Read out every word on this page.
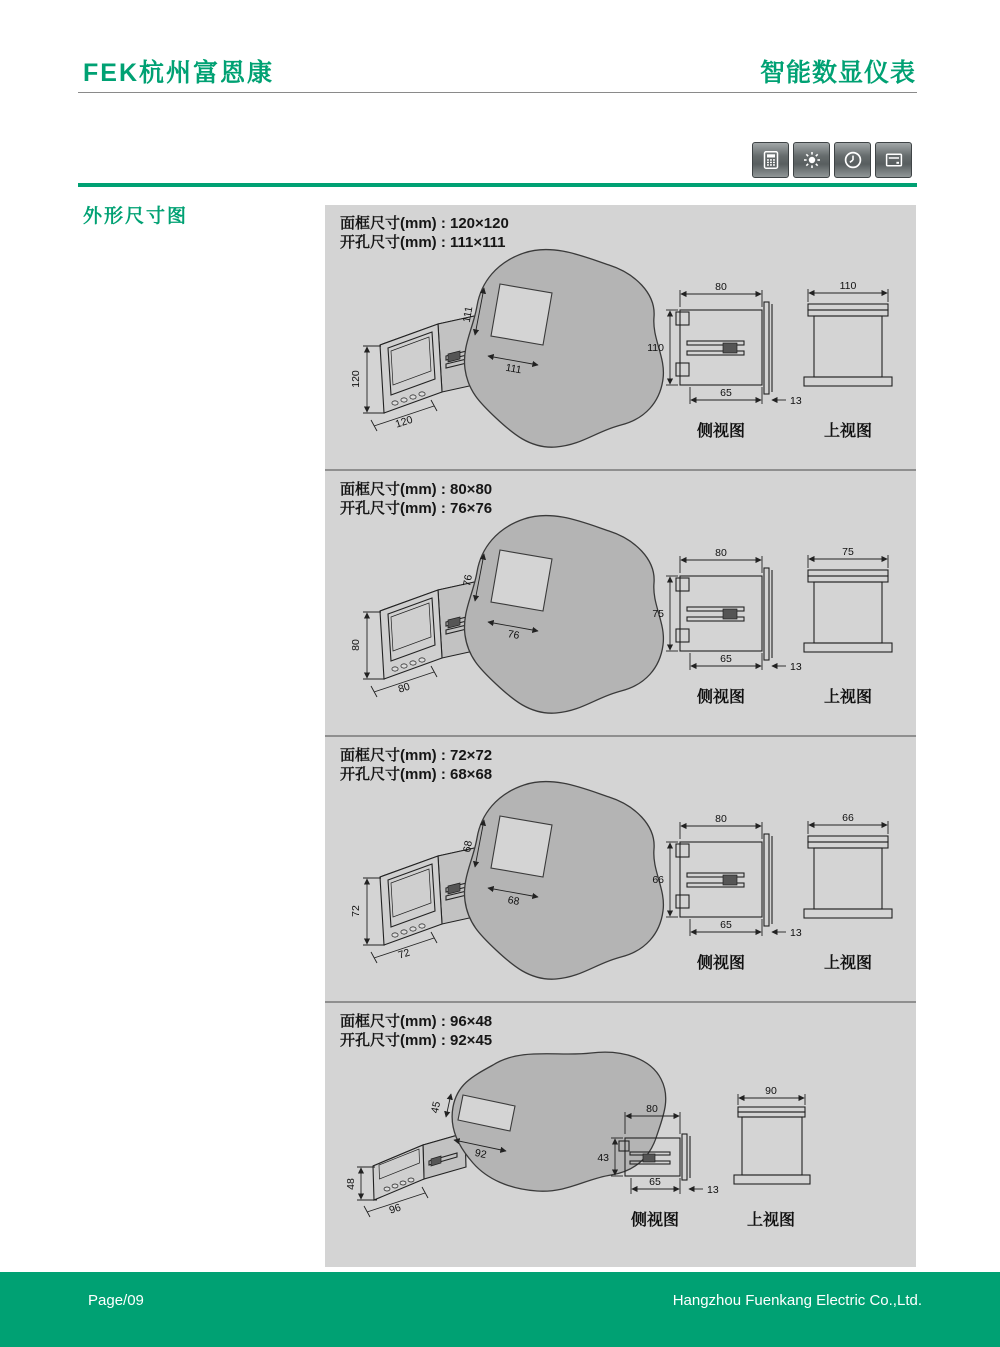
FEK杭州富恩康	智能数显仪表
外形尺寸图	面框尺寸(mm) : 120×120
开孔尺寸(mm) : 111×111
120
120
111
111
80
110
65
13
侧视图
110
上视图
面框尺寸(mm) : 80×80
开孔尺寸(mm) : 76×76
80
80
76
76
80
75
65
13
侧视图
75
上视图
面框尺寸(mm) : 72×72
开孔尺寸(mm) : 68×68
72
72
68
68
80
66
65
13
侧视图
66
上视图
面框尺寸(mm) : 96×48
开孔尺寸(mm) : 92×45
48
96
45
92
80
43
65
13
侧视图
90
上视图
Page/09	Hangzhou Fuenkang Electric Co.,Ltd.
